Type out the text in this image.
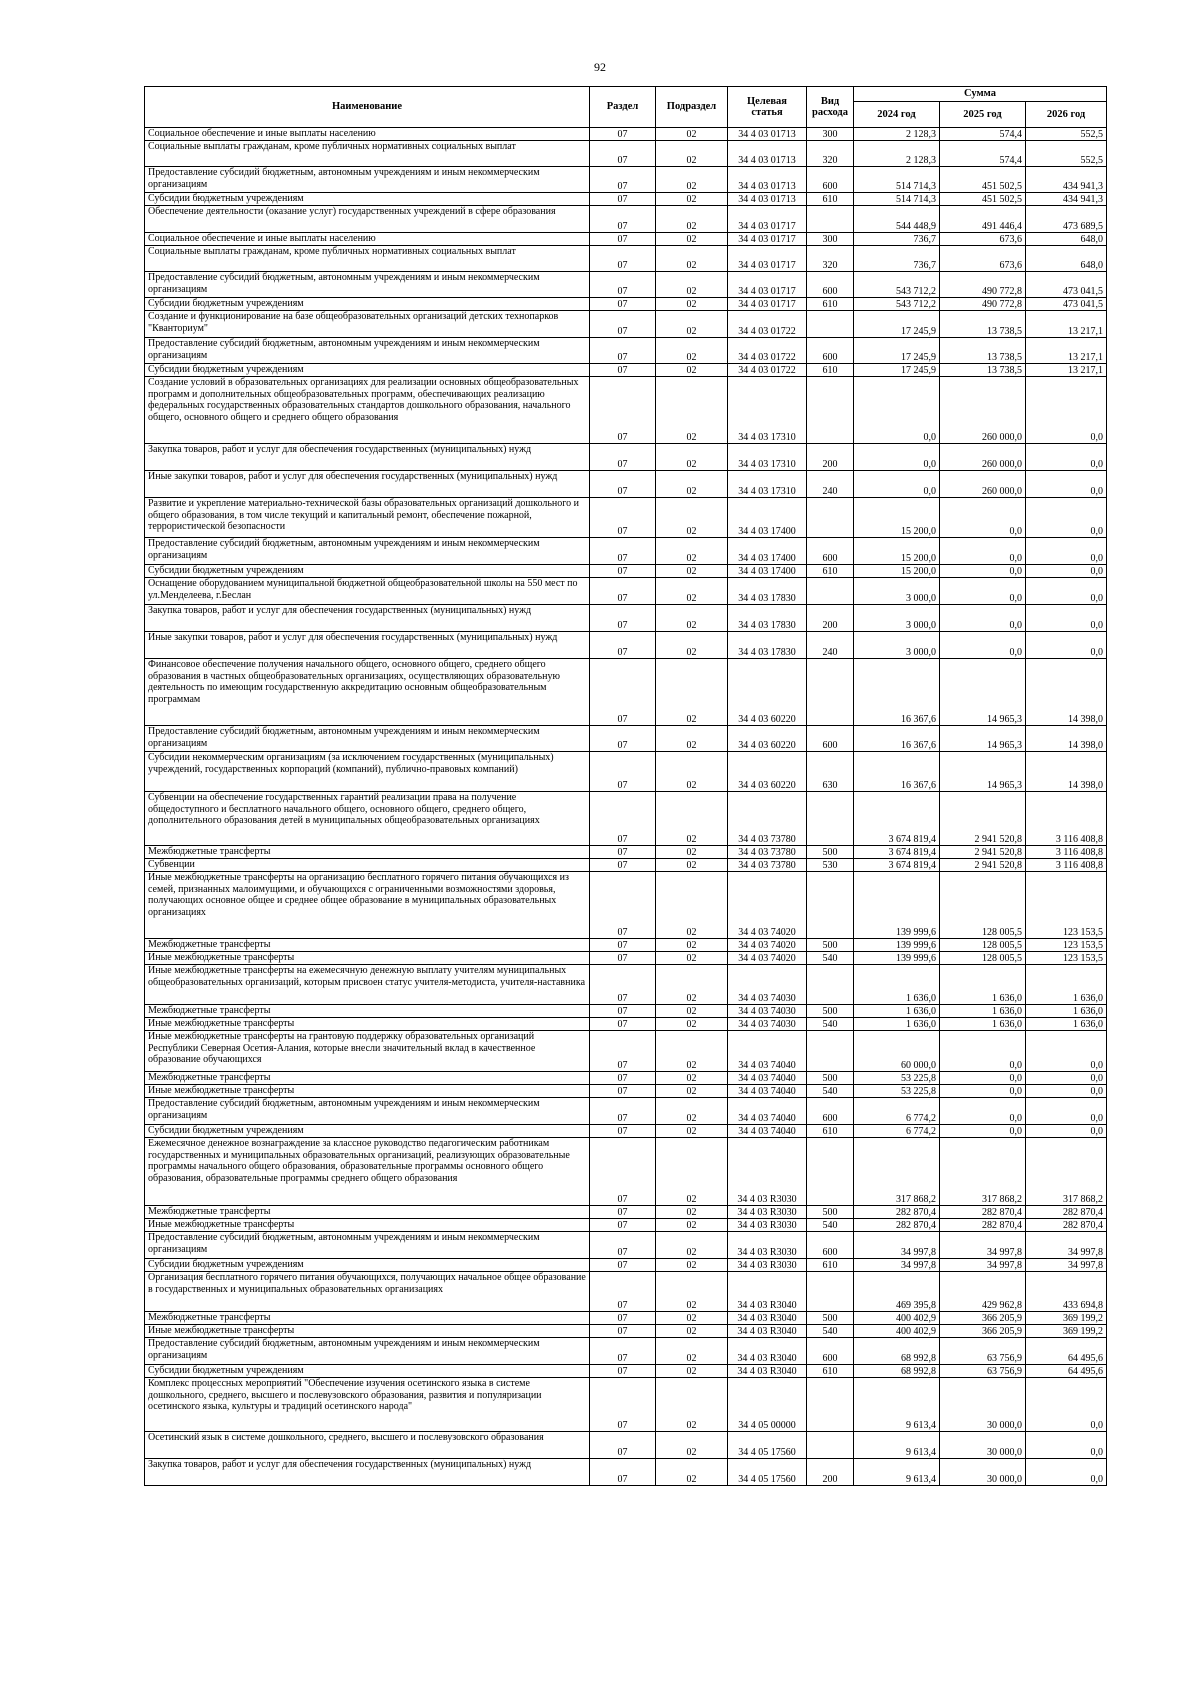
92
Наименование	Раздел	Подраздел	Целевая статья	Вид расхода	Сумма		
					2024 год	2025 год	2026 год
Социальное обеспечение и иные выплаты населению	07	02	34 4 03 01713	300	2 128,3	574,4	552,5
Социальные выплаты гражданам, кроме публичных нормативных социальных выплат	07	02	34 4 03 01713	320	2 128,3	574,4	552,5
Предоставление субсидий бюджетным, автономным учреждениям и иным некоммерческим организациям	07	02	34 4 03 01713	600	514 714,3	451 502,5	434 941,3
Субсидии бюджетным учреждениям	07	02	34 4 03 01713	610	514 714,3	451 502,5	434 941,3
Обеспечение деятельности (оказание услуг) государственных учреждений в сфере образования	07	02	34 4 03 01717		544 448,9	491 446,4	473 689,5
Социальное обеспечение и иные выплаты населению	07	02	34 4 03 01717	300	736,7	673,6	648,0
Социальные выплаты гражданам, кроме публичных нормативных социальных выплат	07	02	34 4 03 01717	320	736,7	673,6	648,0
Предоставление субсидий бюджетным, автономным учреждениям и иным некоммерческим организациям	07	02	34 4 03 01717	600	543 712,2	490 772,8	473 041,5
Субсидии бюджетным учреждениям	07	02	34 4 03 01717	610	543 712,2	490 772,8	473 041,5
Создание и функционирование на базе общеобразовательных организаций детских технопарков "Кванториум"	07	02	34 4 03 01722		17 245,9	13 738,5	13 217,1
Предоставление субсидий бюджетным, автономным учреждениям и иным некоммерческим организациям	07	02	34 4 03 01722	600	17 245,9	13 738,5	13 217,1
Субсидии бюджетным учреждениям	07	02	34 4 03 01722	610	17 245,9	13 738,5	13 217,1
Создание условий в образовательных организациях для реализации основных общеобразовательных программ и дополнительных общеобразовательных программ, обеспечивающих реализацию федеральных государственных образовательных стандартов дошкольного образования, начального общего, основного общего и среднего общего образования	07	02	34 4 03 17310		0,0	260 000,0	0,0
Закупка товаров, работ и услуг для обеспечения государственных (муниципальных) нужд	07	02	34 4 03 17310	200	0,0	260 000,0	0,0
Иные закупки товаров, работ и услуг для обеспечения государственных (муниципальных) нужд	07	02	34 4 03 17310	240	0,0	260 000,0	0,0
Развитие и укрепление материально-технической базы образовательных организаций дошкольного и общего образования, в том числе текущий и капитальный ремонт, обеспечение пожарной, террористической безопасности	07	02	34 4 03 17400		15 200,0	0,0	0,0
Предоставление субсидий бюджетным, автономным учреждениям и иным некоммерческим организациям	07	02	34 4 03 17400	600	15 200,0	0,0	0,0
Субсидии бюджетным учреждениям	07	02	34 4 03 17400	610	15 200,0	0,0	0,0
Оснащение оборудованием муниципальной бюджетной общеобразовательной школы на 550 мест по ул.Менделеева, г.Беслан	07	02	34 4 03 17830		3 000,0	0,0	0,0
Закупка товаров, работ и услуг для обеспечения государственных (муниципальных) нужд	07	02	34 4 03 17830	200	3 000,0	0,0	0,0
Иные закупки товаров, работ и услуг для обеспечения государственных (муниципальных) нужд	07	02	34 4 03 17830	240	3 000,0	0,0	0,0
Финансовое обеспечение получения начального общего, основного общего, среднего общего образования в частных общеобразовательных организациях, осуществляющих образовательную деятельность по имеющим государственную аккредитацию основным общеобразовательным программам	07	02	34 4 03 60220		16 367,6	14 965,3	14 398,0
Предоставление субсидий бюджетным, автономным учреждениям и иным некоммерческим организациям	07	02	34 4 03 60220	600	16 367,6	14 965,3	14 398,0
Субсидии некоммерческим организациям (за исключением государственных (муниципальных) учреждений, государственных корпораций (компаний), публично-правовых компаний)	07	02	34 4 03 60220	630	16 367,6	14 965,3	14 398,0
Субвенции на обеспечение государственных гарантий реализации права на получение общедоступного и бесплатного начального общего, основного общего, среднего общего, дополнительного образования детей в муниципальных общеобразовательных организациях	07	02	34 4 03 73780		3 674 819,4	2 941 520,8	3 116 408,8
Межбюджетные трансферты	07	02	34 4 03 73780	500	3 674 819,4	2 941 520,8	3 116 408,8
Субвенции	07	02	34 4 03 73780	530	3 674 819,4	2 941 520,8	3 116 408,8
Иные межбюджетные трансферты на организацию бесплатного горячего питания обучающихся из семей, признанных малоимущими, и обучающихся с ограниченными возможностями здоровья, получающих основное общее и среднее общее образование в муниципальных образовательных организациях	07	02	34 4 03 74020		139 999,6	128 005,5	123 153,5
Межбюджетные трансферты	07	02	34 4 03 74020	500	139 999,6	128 005,5	123 153,5
Иные межбюджетные трансферты	07	02	34 4 03 74020	540	139 999,6	128 005,5	123 153,5
Иные межбюджетные трансферты на ежемесячную денежную выплату учителям муниципальных общеобразовательных организаций, которым присвоен статус учителя-методиста, учителя-наставника	07	02	34 4 03 74030		1 636,0	1 636,0	1 636,0
Межбюджетные трансферты	07	02	34 4 03 74030	500	1 636,0	1 636,0	1 636,0
Иные межбюджетные трансферты	07	02	34 4 03 74030	540	1 636,0	1 636,0	1 636,0
Иные межбюджетные трансферты на грантовую поддержку образовательных организаций Республики Северная Осетия-Алания, которые внесли значительный вклад в качественное образование обучающихся	07	02	34 4 03 74040		60 000,0	0,0	0,0
Межбюджетные трансферты	07	02	34 4 03 74040	500	53 225,8	0,0	0,0
Иные межбюджетные трансферты	07	02	34 4 03 74040	540	53 225,8	0,0	0,0
Предоставление субсидий бюджетным, автономным учреждениям и иным некоммерческим организациям	07	02	34 4 03 74040	600	6 774,2	0,0	0,0
Субсидии бюджетным учреждениям	07	02	34 4 03 74040	610	6 774,2	0,0	0,0
Ежемесячное денежное вознаграждение за классное руководство педагогическим работникам государственных и муниципальных образовательных организаций, реализующих образовательные программы начального общего образования, образовательные программы основного общего образования, образовательные программы среднего общего образования	07	02	34 4 03 R3030		317 868,2	317 868,2	317 868,2
Межбюджетные трансферты	07	02	34 4 03 R3030	500	282 870,4	282 870,4	282 870,4
Иные межбюджетные трансферты	07	02	34 4 03 R3030	540	282 870,4	282 870,4	282 870,4
Предоставление субсидий бюджетным, автономным учреждениям и иным некоммерческим организациям	07	02	34 4 03 R3030	600	34 997,8	34 997,8	34 997,8
Субсидии бюджетным учреждениям	07	02	34 4 03 R3030	610	34 997,8	34 997,8	34 997,8
Организация бесплатного горячего питания обучающихся, получающих начальное общее образование в государственных и муниципальных образовательных организациях	07	02	34 4 03 R3040		469 395,8	429 962,8	433 694,8
Межбюджетные трансферты	07	02	34 4 03 R3040	500	400 402,9	366 205,9	369 199,2
Иные межбюджетные трансферты	07	02	34 4 03 R3040	540	400 402,9	366 205,9	369 199,2
Предоставление субсидий бюджетным, автономным учреждениям и иным некоммерческим организациям	07	02	34 4 03 R3040	600	68 992,8	63 756,9	64 495,6
Субсидии бюджетным учреждениям	07	02	34 4 03 R3040	610	68 992,8	63 756,9	64 495,6
Комплекс процессных мероприятий "Обеспечение изучения осетинского языка в системе дошкольного, среднего, высшего и послевузовского образования, развития и популяризации осетинского языка, культуры и традиций осетинского народа"	07	02	34 4 05 00000		9 613,4	30 000,0	0,0
Осетинский язык в системе дошкольного, среднего, высшего и послевузовского образования	07	02	34 4 05 17560		9 613,4	30 000,0	0,0
Закупка товаров, работ и услуг для обеспечения государственных (муниципальных) нужд	07	02	34 4 05 17560	200	9 613,4	30 000,0	0,0
